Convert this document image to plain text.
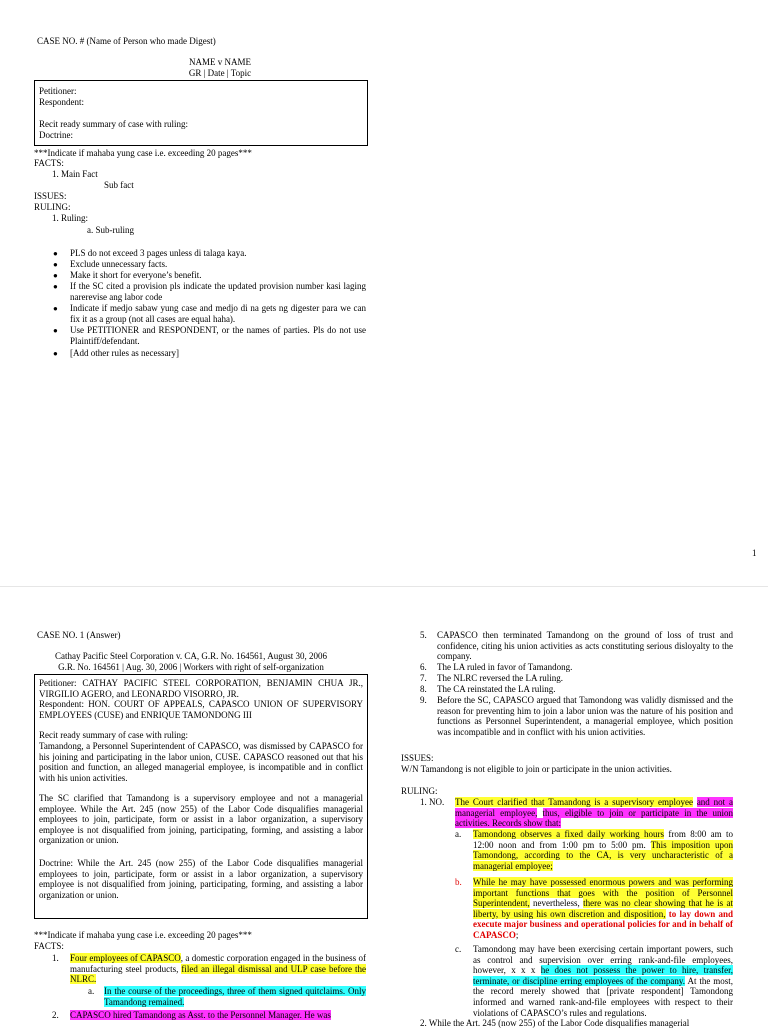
CASE NO. # (Name of Person who made Digest)
NAME v NAME
GR | Date | Topic
Petitioner:
Respondent:
Recit ready summary of case with ruling:
Doctrine:
***Indicate if mahaba yung case i.e. exceeding 20 pages***
FACTS:
1. Main Fact
Sub fact
ISSUES:
RULING:
1. Ruling:
a. Sub-ruling
● PLS do not exceed 3 pages unless di talaga kaya.
● Exclude unnecessary facts.
● Make it short for everyone’s benefit.
● If the SC cited a provision pls indicate the updated provision number kasi laging narerevise ang labor code
● Indicate if medjo sabaw yung case and medjo di na gets ng digester para we can fix it as a group (not all cases are equal haha).
● Use PETITIONER and RESPONDENT, or the names of parties. Pls do not use Plaintiff/defendant.
● [Add other rules as necessary]
1
CASE NO. 1 (Answer)
Cathay Pacific Steel Corporation v. CA, G.R. No. 164561, August 30, 2006
G.R. No. 164561 | Aug. 30, 2006 | Workers with right of self-organization
Petitioner: CATHAY PACIFIC STEEL CORPORATION, BENJAMIN CHUA JR., VIRGILIO AGERO, and LEONARDO VISORRO, JR.
Respondent: HON. COURT OF APPEALS, CAPASCO UNION OF SUPERVISORY EMPLOYEES (CUSE) and ENRIQUE TAMONDONG III
Recit ready summary of case with ruling:
Tamandong, a Personnel Superintendent of CAPASCO, was dismissed by CAPASCO for his joining and participating in the labor union, CUSE. CAPASCO reasoned out that his position and function, an alleged managerial employee, is incompatible and in conflict with his union activities.
The SC clarified that Tamandong is a supervisory employee and not a managerial employee. While the Art. 245 (now 255) of the Labor Code disqualifies managerial employees to join, participate, form or assist in a labor organization, a supervisory employee is not disqualified from joining, participating, forming, and assisting a labor organization or union.
Doctrine: While the Art. 245 (now 255) of the Labor Code disqualifies managerial employees to join, participate, form or assist in a labor organization, a supervisory employee is not disqualified from joining, participating, forming, and assisting a labor organization or union.
***Indicate if mahaba yung case i.e. exceeding 20 pages***
FACTS:
1. Four employees of CAPASCO, a domestic corporation engaged in the business of manufacturing steel products, filed an illegal dismissal and ULP case before the NLRC.
a. In the course of the proceedings, three of them signed quitclaims. Only Tamandong remained.
2. CAPASCO hired Tamandong as Asst. to the Personnel Manager. He was
5. CAPASCO then terminated Tamandong on the ground of loss of trust and confidence, citing his union activities as acts constituting serious disloyalty to the company.
6. The LA ruled in favor of Tamandong.
7. The NLRC reversed the LA ruling.
8. The CA reinstated the LA ruling.
9. Before the SC, CAPASCO argued that Tamondong was validly dismissed and the reason for preventing him to join a labor union was the nature of his position and functions as Personnel Superintendent, a managerial employee, which position was incompatible and in conflict with his union activities.
ISSUES:
W/N Tamandong is not eligible to join or participate in the union activities.
RULING:
1. NO. The Court clarified that Tamandong is a supervisory employee and not a managerial employee, thus, eligible to join or participate in the union activities. Records show that:
a. Tamondong observes a fixed daily working hours from 8:00 am to 12:00 noon and from 1:00 pm to 5:00 pm. This imposition upon Tamondong, according to the CA, is very uncharacteristic of a managerial employee;
b. While he may have possessed enormous powers and was performing important functions that goes with the position of Personnel Superintendent, nevertheless, there was no clear showing that he is at liberty, by using his own discretion and disposition, to lay down and execute major business and operational policies for and in behalf of CAPASCO;
c. Tamondong may have been exercising certain important powers, such as control and supervision over erring rank-and-file employees, however, x x x he does not possess the power to hire, transfer, terminate, or discipline erring employees of the company. At the most, the record merely showed that [private respondent] Tamondong informed and warned rank-and-file employees with respect to their violations of CAPASCO’s rules and regulations.
2. While the Art. 245 (now 255) of the Labor Code disqualifies managerial
